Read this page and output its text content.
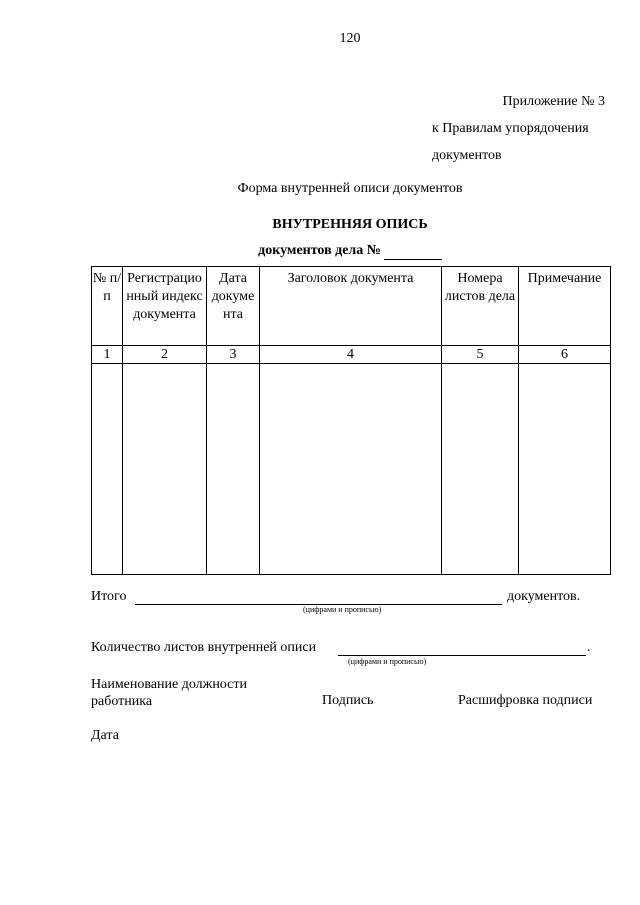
120
Приложение № 3
к Правилам упорядочения
документов
Форма внутренней описи документов
ВНУТРЕННЯЯ ОПИСЬ
документов дела №
№ п/п	Регистрацио нный индекс документа	Дата докуме нта	Заголовок документа	Номера листов дела	Примечание
1	2	3	4	5	6

Итого	документов.
(цифрами и прописью)
Количество листов внутренней описи	.
(цифрами и прописью)
Наименование должности
работника	Подпись	Расшифровка подписи
Дата
